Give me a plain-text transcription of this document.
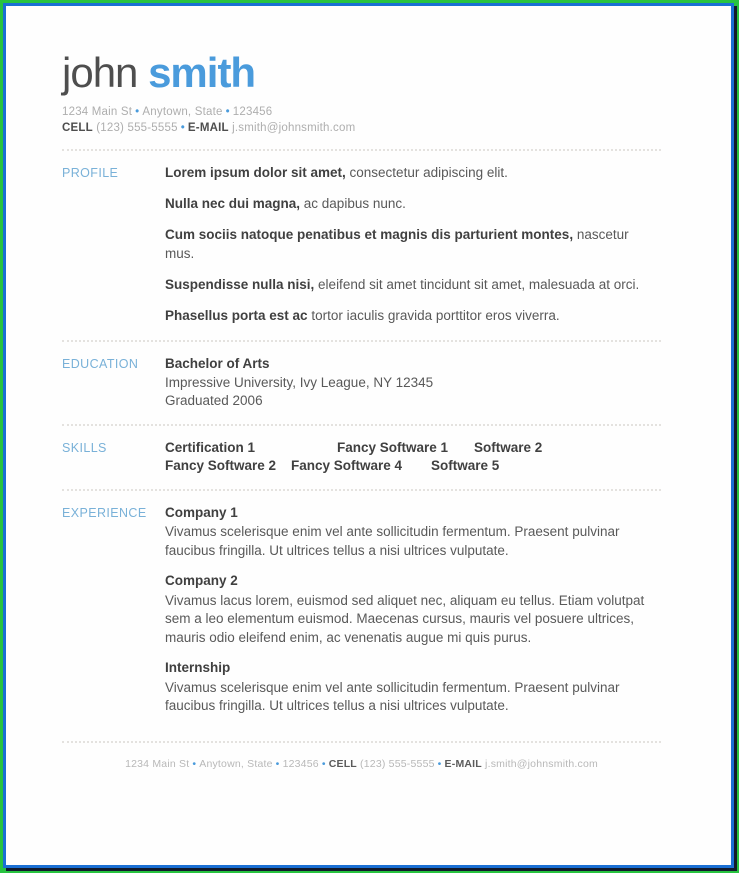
john smith
1234 Main St • Anytown, State • 123456
CELL (123) 555-5555 • E-MAIL j.smith@johnsmith.com
PROFILE	Lorem ipsum dolor sit amet, consectetur adipiscing elit.

Nulla nec dui magna, ac dapibus nunc.

Cum sociis natoque penatibus et magnis dis parturient montes, nascetur mus.

Suspendisse nulla nisi, eleifend sit amet tincidunt sit amet, malesuada at orci.

Phasellus porta est ac tortor iaculis gravida porttitor eros viverra.

EDUCATION	Bachelor of Arts
Impressive University, Ivy League, NY 12345
Graduated 2006
SKILLS	Certification 1	Fancy Software 1 Software 2
Fancy Software 2 Fancy Software 4 Software 5
EXPERIENCE	Company 1
Vivamus scelerisque enim vel ante sollicitudin fermentum. Praesent pulvinar faucibus fringilla. Ut ultrices tellus a nisi ultrices vulputate.
Company 2
Vivamus lacus lorem, euismod sed aliquet nec, aliquam eu tellus. Etiam volutpat sem a leo elementum euismod. Maecenas cursus, mauris vel posuere ultrices, mauris odio eleifend enim, ac venenatis augue mi quis purus.
Internship
Vivamus scelerisque enim vel ante sollicitudin fermentum. Praesent pulvinar faucibus fringilla. Ut ultrices tellus a nisi ultrices vulputate.
1234 Main St • Anytown, State • 123456 • CELL (123) 555-5555 • E-MAIL j.smith@johnsmith.com
